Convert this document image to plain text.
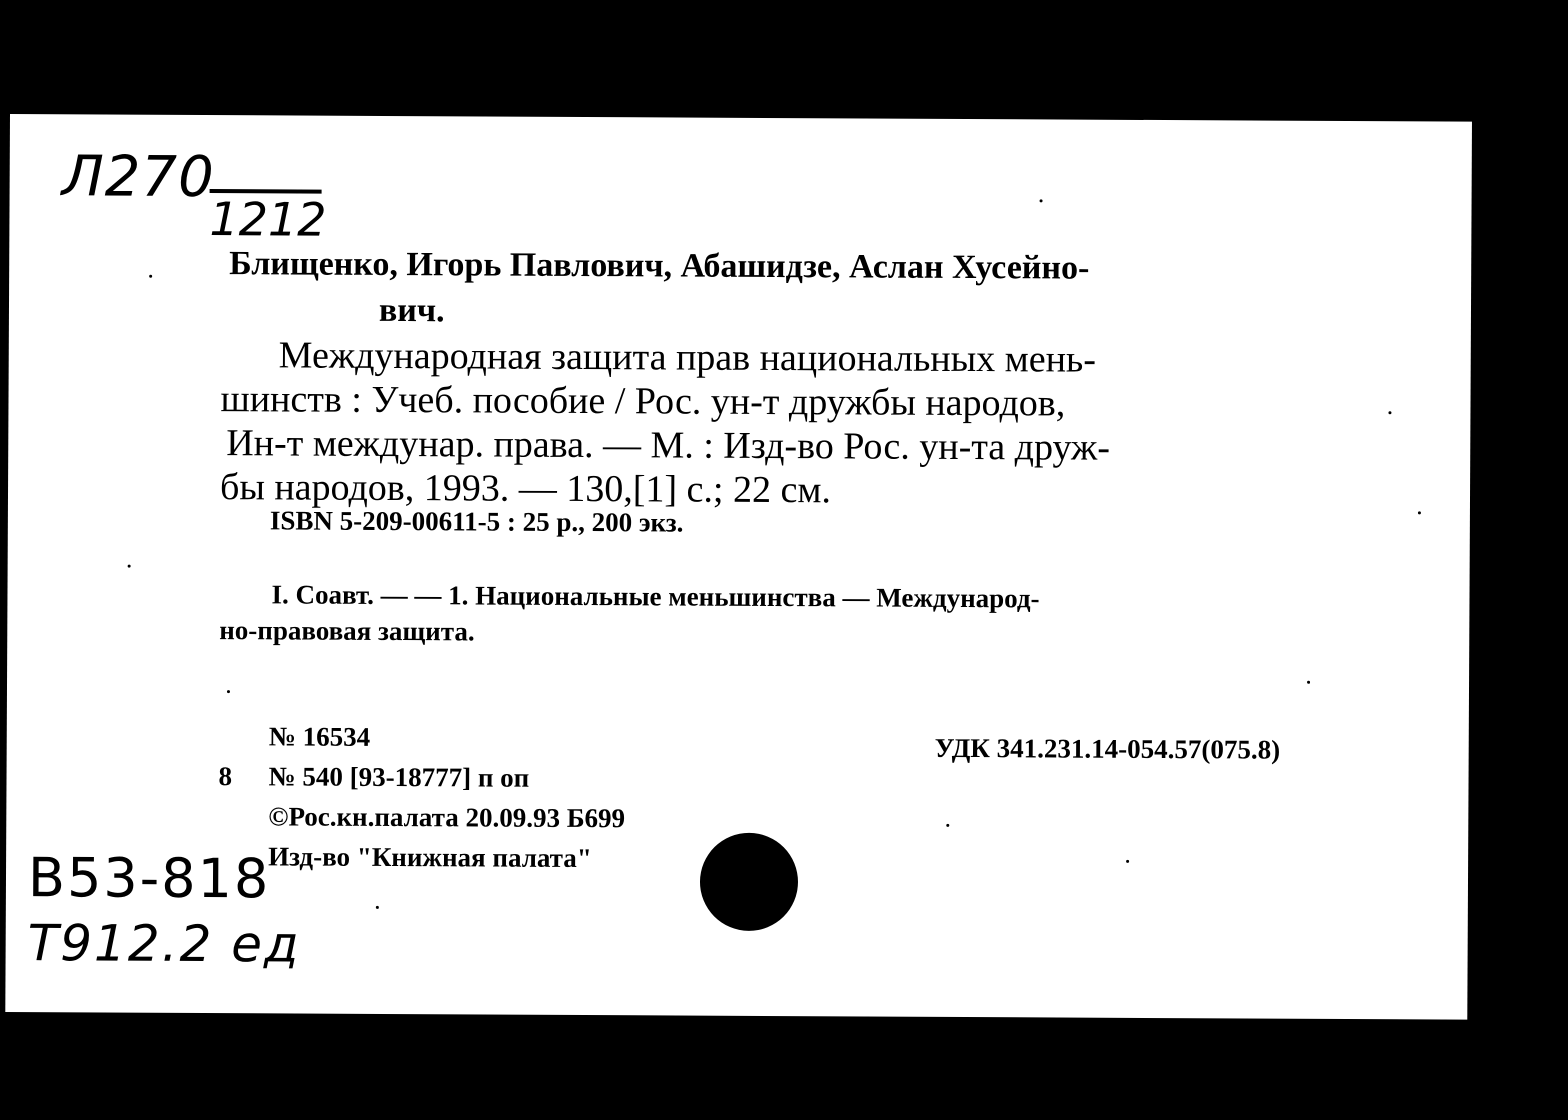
Л270
1212
Блищенко, Игорь Павлович, Абашидзе, Аслан Хусейно-
вич.
Международная защита прав национальных мень-
шинств : Учеб. пособие / Рос. ун-т дружбы народов,
Ин-т междунар. права. — М. : Изд-во Рос. ун-та друж-
бы народов, 1993. — 130,[1] с.; 22 см.
ISBN 5-209-00611-5 : 25 р., 200 экз.
I. Соавт. — — 1. Национальные меньшинства — Международ-
но-правовая защита.
№ 16534	УДК 341.231.14-054.57(075.8)
8 № 540 [93-18777] п оп
©Рос.кн.палата 20.09.93 Б699
Изд-во "Книжная палата"
В53-818
Т912.2 ед
